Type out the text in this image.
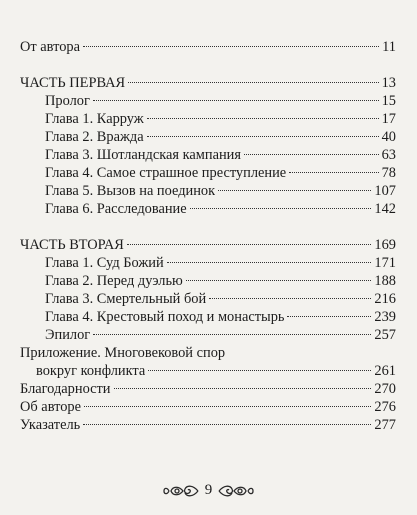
От автора	11
ЧАСТЬ ПЕРВАЯ	13
Пролог	15
Глава 1. Карруж	17
Глава 2. Вражда	40
Глава 3. Шотландская кампания	63
Глава 4. Самое страшное преступление	78
Глава 5. Вызов на поединок	107
Глава 6. Расследование	142
ЧАСТЬ ВТОРАЯ	169
Глава 1. Суд Божий	171
Глава 2. Перед дуэлью	188
Глава 3. Смертельный бой	216
Глава 4. Крестовый поход и монастырь	239
Эпилог	257
Приложение. Многовековой спор
вокруг конфликта	261
Благодарности	270
Об авторе	276
Указатель	277
9
